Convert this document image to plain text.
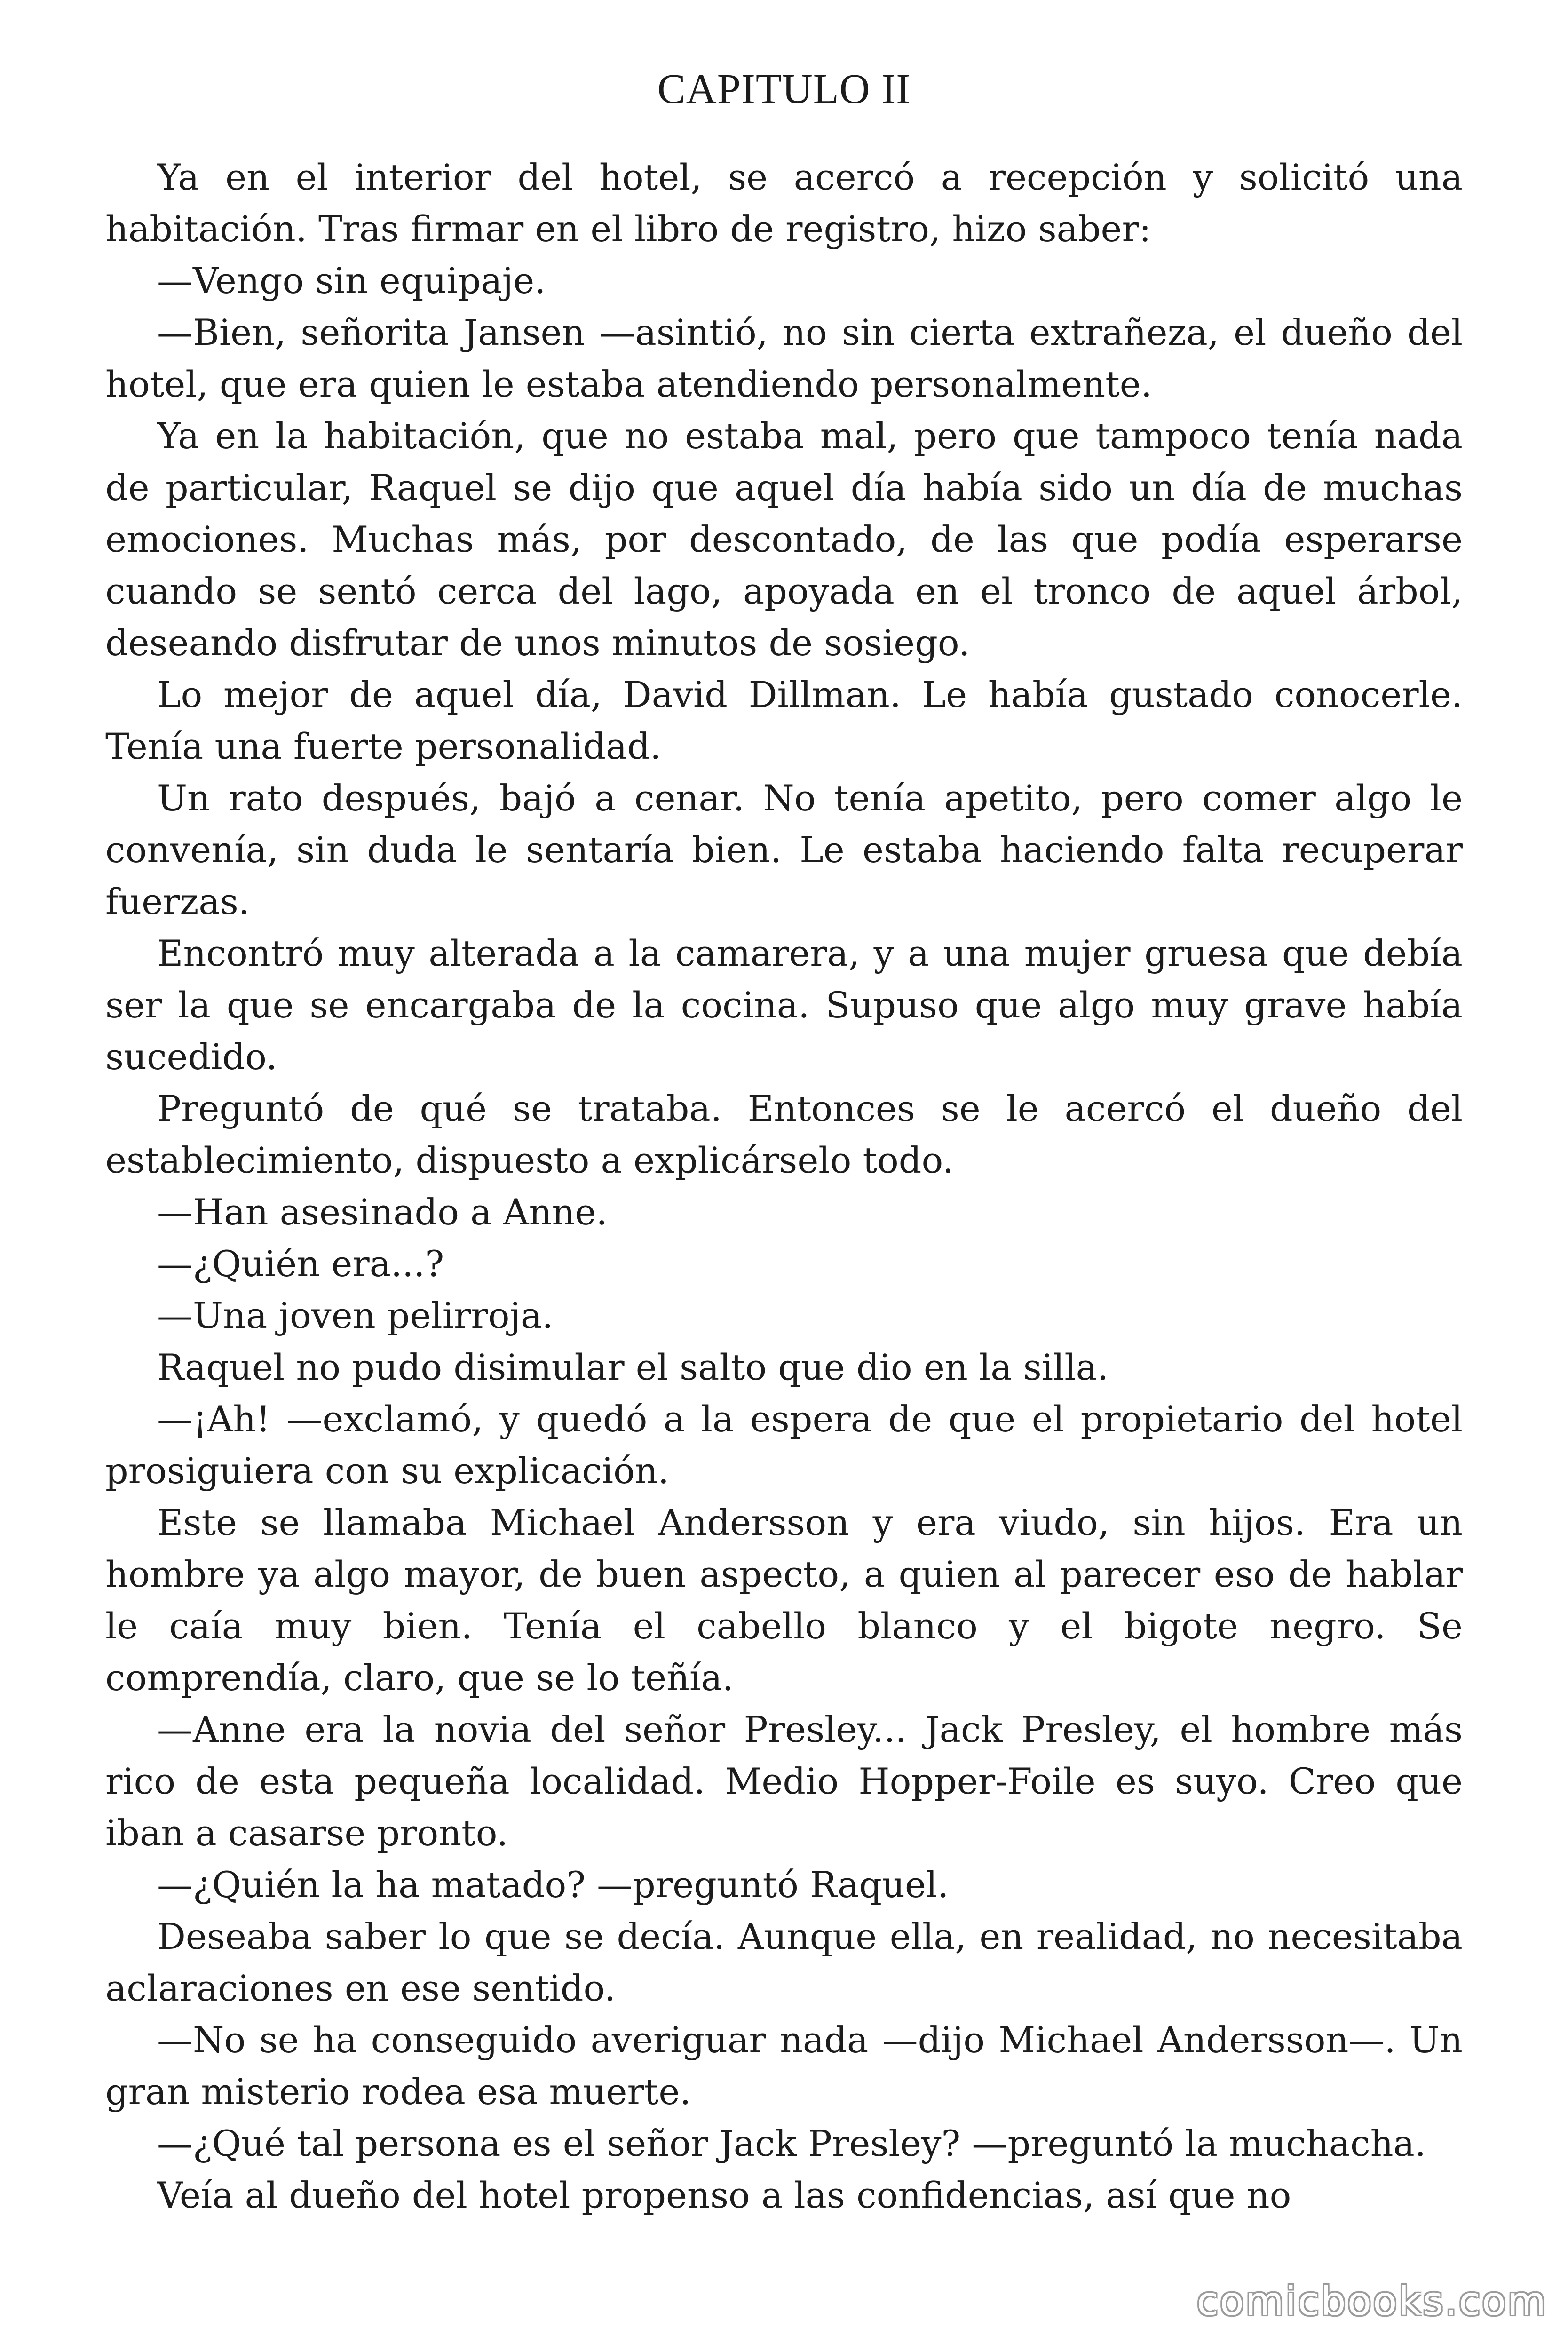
CAPITULO II

Ya en el interior del hotel, se acercó a recepción y solicitó una habitación. Tras firmar en el libro de registro, hizo saber:

—Vengo sin equipaje.

—Bien, señorita Jansen —asintió, no sin cierta extrañeza, el dueño del hotel, que era quien le estaba atendiendo personalmente.

Ya en la habitación, que no estaba mal, pero que tampoco tenía nada de particular, Raquel se dijo que aquel día había sido un día de muchas emociones. Muchas más, por descontado, de las que podía esperarse cuando se sentó cerca del lago, apoyada en el tronco de aquel árbol, deseando disfrutar de unos minutos de sosiego.

Lo mejor de aquel día, David Dillman. Le había gustado conocerle. Tenía una fuerte personalidad.

Un rato después, bajó a cenar. No tenía apetito, pero comer algo le convenía, sin duda le sentaría bien. Le estaba haciendo falta recuperar fuerzas.

Encontró muy alterada a la camarera, y a una mujer gruesa que debía ser la que se encargaba de la cocina. Supuso que algo muy grave había sucedido.

Preguntó de qué se trataba. Entonces se le acercó el dueño del establecimiento, dispuesto a explicárselo todo.

—Han asesinado a Anne.

—¿Quién era...?

—Una joven pelirroja.

Raquel no pudo disimular el salto que dio en la silla.

—¡Ah! —exclamó, y quedó a la espera de que el propietario del hotel prosiguiera con su explicación.

Este se llamaba Michael Andersson y era viudo, sin hijos. Era un hombre ya algo mayor, de buen aspecto, a quien al parecer eso de hablar le caía muy bien. Tenía el cabello blanco y el bigote negro. Se comprendía, claro, que se lo teñía.

—Anne era la novia del señor Presley... Jack Presley, el hombre más rico de esta pequeña localidad. Medio Hopper-Foile es suyo. Creo que iban a casarse pronto.

—¿Quién la ha matado? —preguntó Raquel.

Deseaba saber lo que se decía. Aunque ella, en realidad, no necesitaba aclaraciones en ese sentido.

—No se ha conseguido averiguar nada —dijo Michael Andersson—. Un gran misterio rodea esa muerte.

—¿Qué tal persona es el señor Jack Presley? —preguntó la muchacha.

Veía al dueño del hotel propenso a las confidencias, así que no

comicbooks.com
